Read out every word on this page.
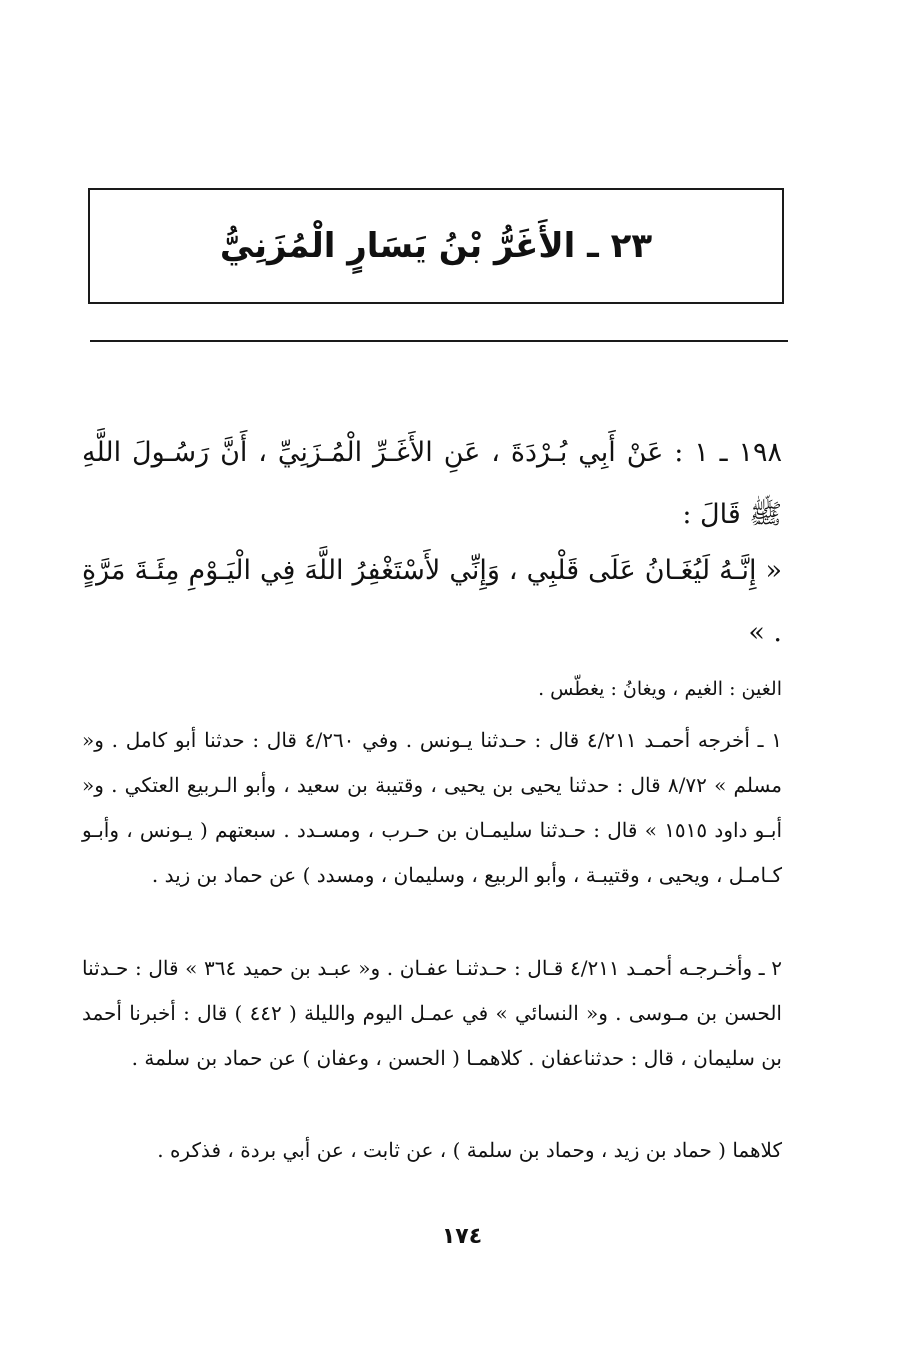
٢٣ ـ الأَغَرُّ بْنُ يَسَارٍ الْمُزَنِيُّ
١٩٨ ـ ١ : عَنْ أَبِي بُـرْدَةَ ، عَنِ الأَغَـرِّ الْمُـزَنِيِّ ، أَنَّ رَسُـولَ اللَّهِ ﷺ قَالَ :
« إِنَّـهُ لَيُغَـانُ عَلَى قَلْبِي ، وَإِنِّي لأَسْتَغْفِرُ اللَّهَ فِي الْيَـوْمِ مِئَـةَ مَرَّةٍ . »
الغين : الغيم ، ويغانُ : يغطّس .
١ ـ أخرجه أحمـد ٤/٢١١ قال : حـدثنا يـونس . وفي ٤/٢٦٠ قال : حدثنا أبو كامل . و« مسلم » ٨/٧٢ قال : حدثنا يحيى بن يحيى ، وقتيبة بن سعيد ، وأبو الـربيع العتكي . و« أبـو داود ١٥١٥ » قال : حـدثنا سليمـان بن حـرب ، ومسـدد . سبعتهم ( يـونس ، وأبـو كـامـل ، ويحيى ، وقتيبـة ، وأبو الربيع ، وسليمان ، ومسدد ) عن حماد بن زيد .
٢ ـ وأخـرجـه أحمـد ٤/٢١١ قـال : حـدثنـا عفـان . و« عبـد بن حميد ٣٦٤ » قال : حـدثنا الحسن بن مـوسى . و« النسائي » في عمـل اليوم والليلة ( ٤٤٢ ) قال : أخبرنا أحمد بن سليمان ، قال : حدثناعفان . كلاهمـا ( الحسن ، وعفان ) عن حماد بن سلمة .
كلاهما ( حماد بن زيد ، وحماد بن سلمة ) ، عن ثابت ، عن أبي بردة ، فذكره .
١٧٤
